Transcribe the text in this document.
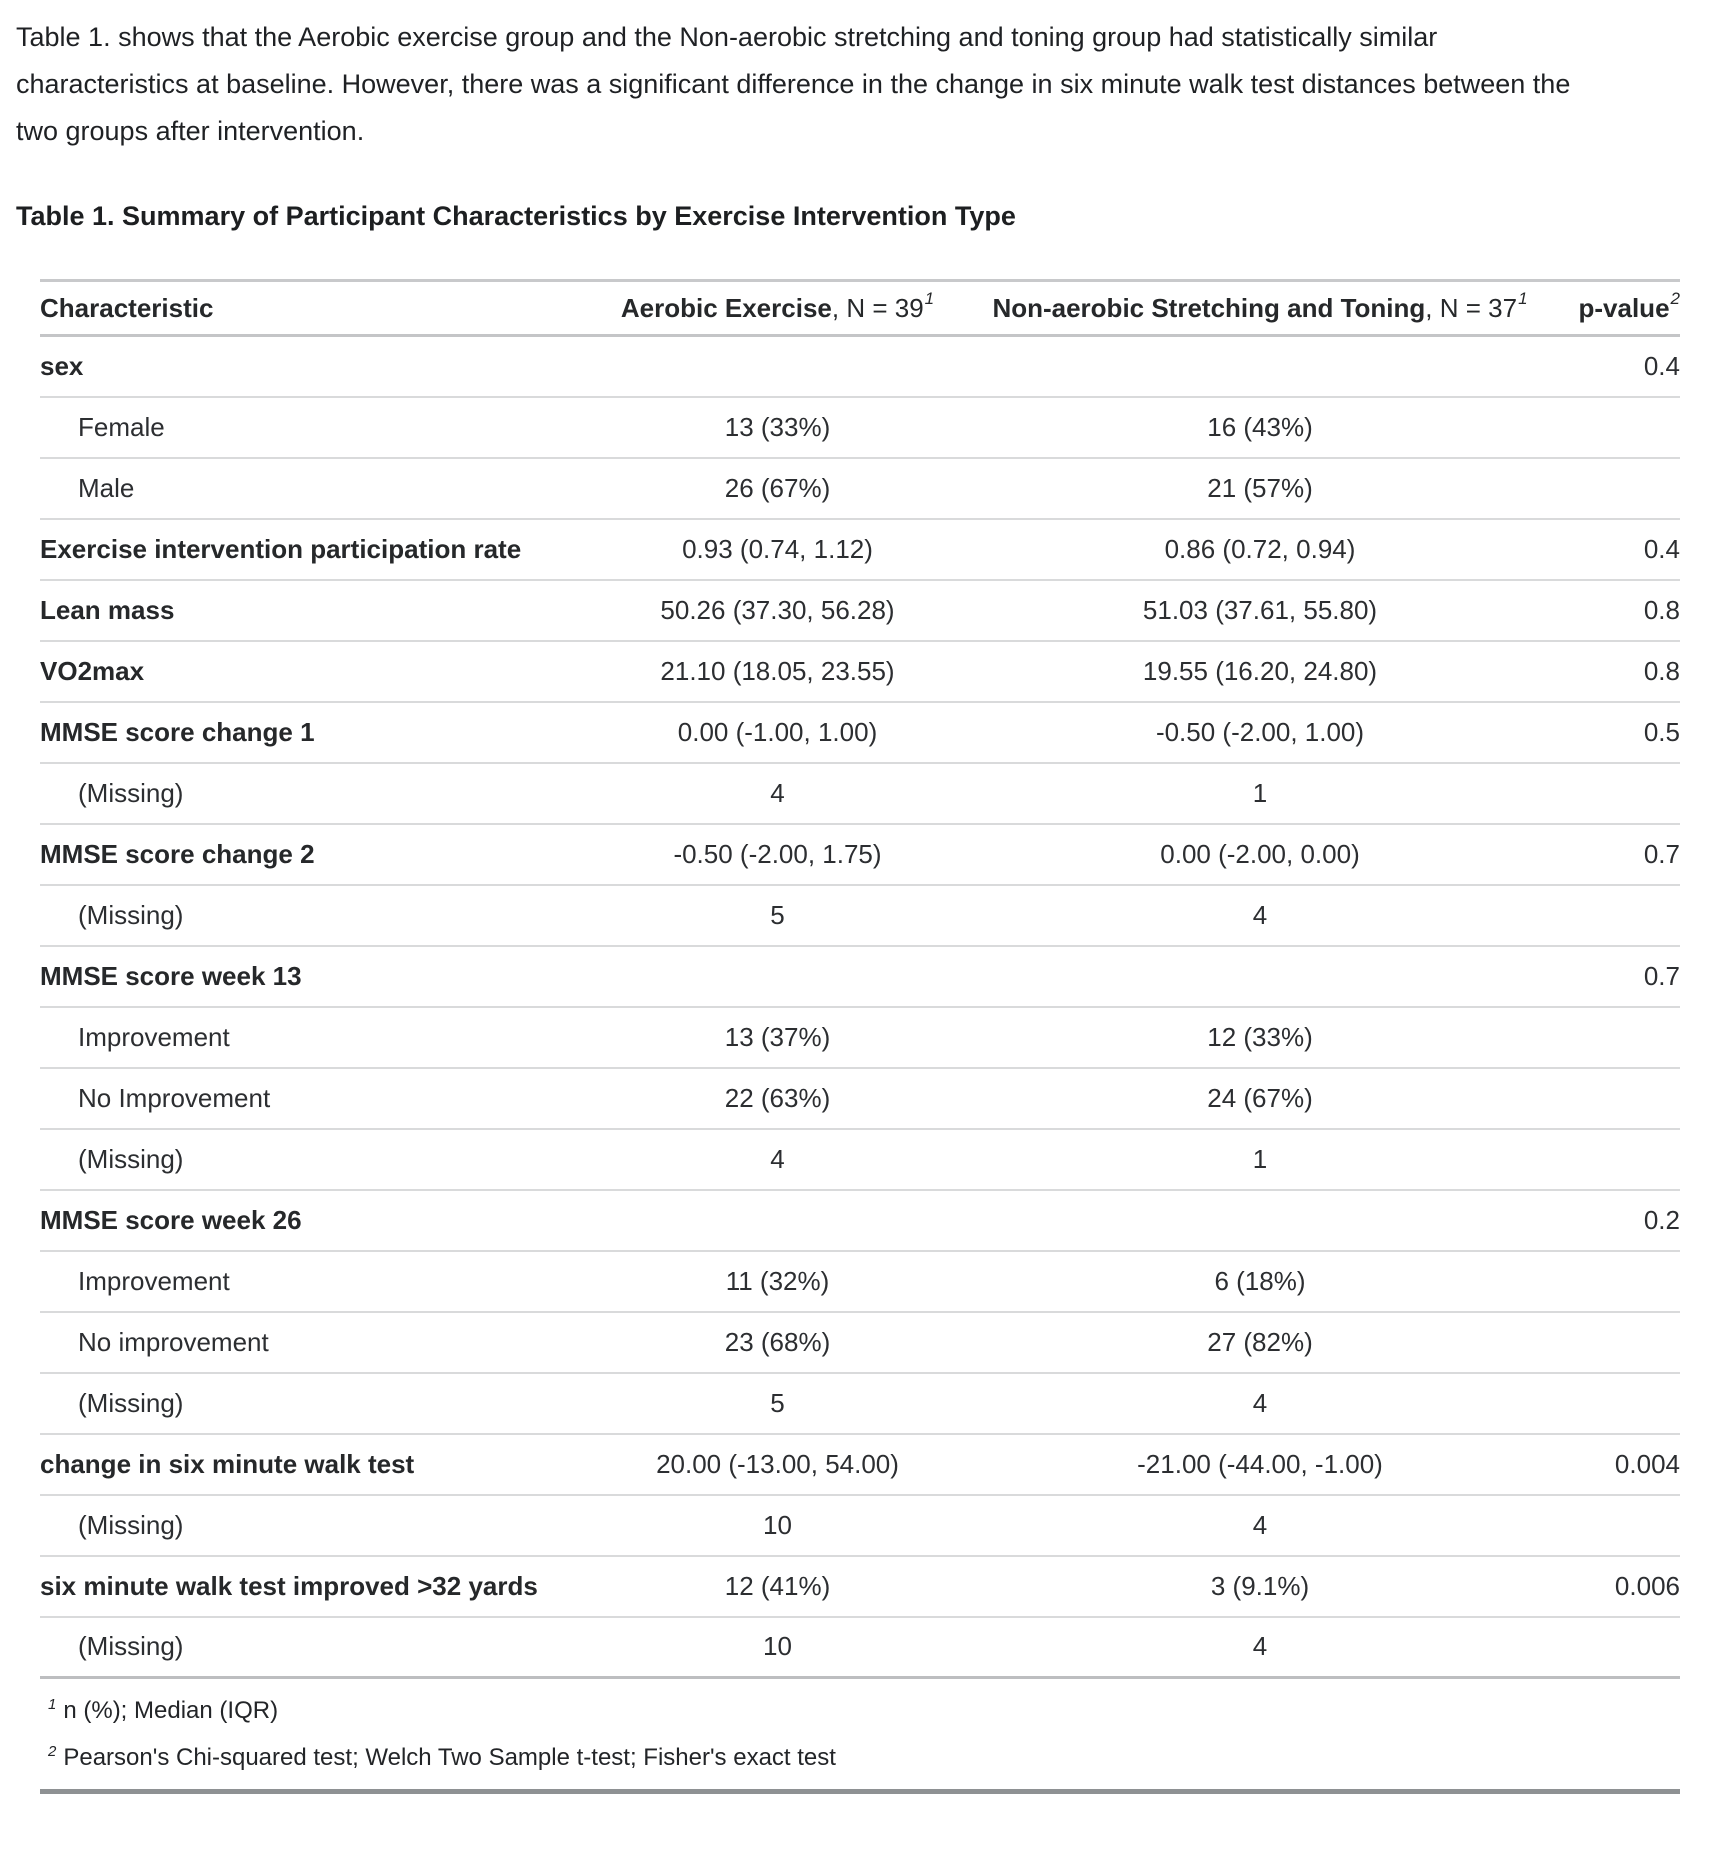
Table 1. shows that the Aerobic exercise group and the Non-aerobic stretching and toning group had statistically similar characteristics at baseline. However, there was a significant difference in the change in six minute walk test distances between the two groups after intervention.

Table 1. Summary of Participant Characteristics by Exercise Intervention Type
Characteristic	Aerobic Exercise, N = 391	Non-aerobic Stretching and Toning, N = 371	p-value2
sex			0.4
Female	13 (33%)	16 (43%)	
Male	26 (67%)	21 (57%)	
Exercise intervention participation rate	0.93 (0.74, 1.12)	0.86 (0.72, 0.94)	0.4
Lean mass	50.26 (37.30, 56.28)	51.03 (37.61, 55.80)	0.8
VO2max	21.10 (18.05, 23.55)	19.55 (16.20, 24.80)	0.8
MMSE score change 1	0.00 (-1.00, 1.00)	-0.50 (-2.00, 1.00)	0.5
(Missing)	4	1	
MMSE score change 2	-0.50 (-2.00, 1.75)	0.00 (-2.00, 0.00)	0.7
(Missing)	5	4	
MMSE score week 13			0.7
Improvement	13 (37%)	12 (33%)	
No Improvement	22 (63%)	24 (67%)	
(Missing)	4	1	
MMSE score week 26			0.2
Improvement	11 (32%)	6 (18%)	
No improvement	23 (68%)	27 (82%)	
(Missing)	5	4	
change in six minute walk test	20.00 (-13.00, 54.00)	-21.00 (-44.00, -1.00)	0.004
(Missing)	10	4	
six minute walk test improved >32 yards	12 (41%)	3 (9.1%)	0.006
(Missing)	10	4	
1 n (%); Median (IQR)
2 Pearson's Chi-squared test; Welch Two Sample t-test; Fisher's exact test
